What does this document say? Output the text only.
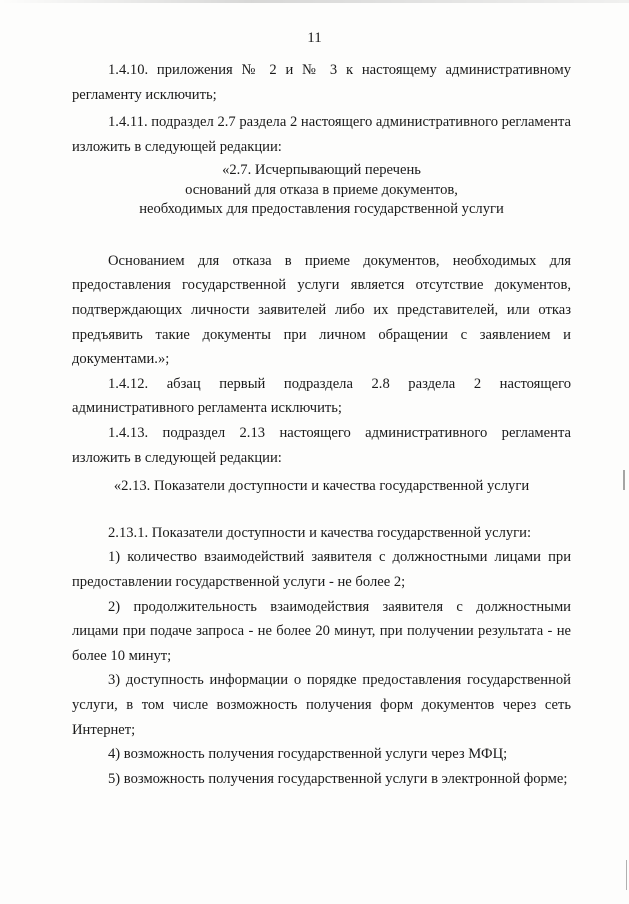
11

1.4.10. приложения № 2 и № 3 к настоящему административному регламенту исключить;

1.4.11. подраздел 2.7 раздела 2 настоящего административного регламента изложить в следующей редакции:

«2.7. Исчерпывающий перечень

оснований для отказа в приеме документов,

необходимых для предоставления государственной услуги

Основанием для отказа в приеме документов, необходимых для предоставления государственной услуги является отсутствие документов, подтверждающих личности заявителей либо их представителей, или отказ предъявить такие документы при личном обращении с заявлением и документами.»;

1.4.12. абзац первый подраздела 2.8 раздела 2 настоящего административного регламента исключить;

1.4.13. подраздел 2.13 настоящего административного регламента изложить в следующей редакции:

«2.13. Показатели доступности и качества государственной услуги

2.13.1. Показатели доступности и качества государственной услуги:

1) количество взаимодействий заявителя с должностными лицами при предоставлении государственной услуги - не более 2;

2) продолжительность взаимодействия заявителя с должностными лицами при подаче запроса - не более 20 минут, при получении результата - не более 10 минут;

3) доступность информации о порядке предоставления государственной услуги, в том числе возможность получения форм документов через сеть Интернет;

4) возможность получения государственной услуги через МФЦ;

5) возможность получения государственной услуги в электронной форме;
